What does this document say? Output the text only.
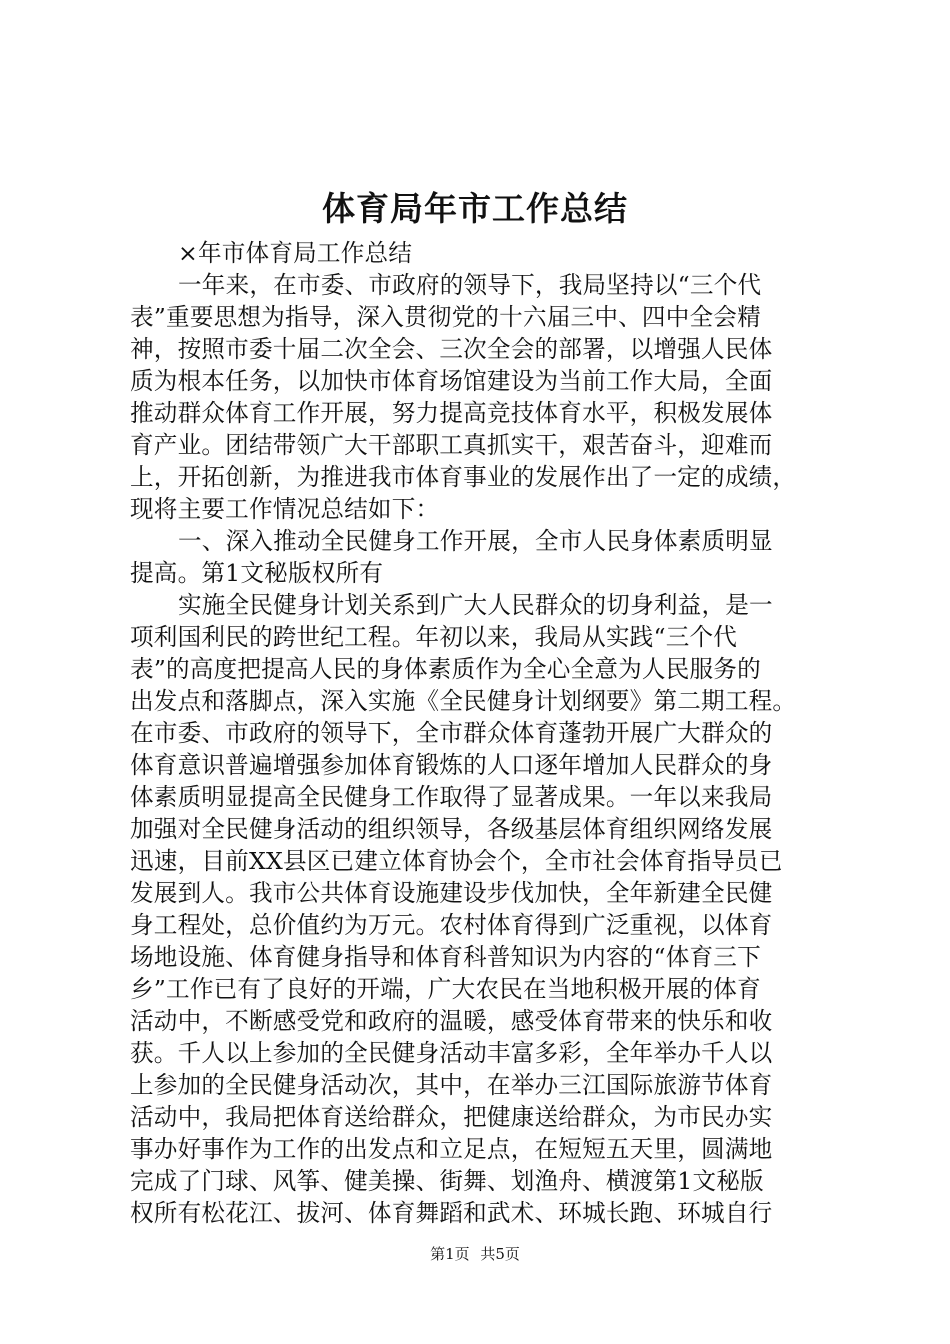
体育局年市工作总结
×年市体育局工作总结
一年来，在市委、市政府的领导下，我局坚持以“三个代
表”重要思想为指导，深入贯彻党的十六届三中、四中全会精
神，按照市委十届二次全会、三次全会的部署，以增强人民体
质为根本任务，以加快市体育场馆建设为当前工作大局，全面
推动群众体育工作开展，努力提高竞技体育水平，积极发展体
育产业。团结带领广大干部职工真抓实干，艰苦奋斗，迎难而
上，开拓创新，为推进我市体育事业的发展作出了一定的成绩，
现将主要工作情况总结如下：
一、深入推动全民健身工作开展，全市人民身体素质明显
提高。第1文秘版权所有
实施全民健身计划关系到广大人民群众的切身利益，是一
项利国利民的跨世纪工程。年初以来，我局从实践“三个代
表”的高度把提高人民的身体素质作为全心全意为人民服务的
出发点和落脚点，深入实施《全民健身计划纲要》第二期工程。
在市委、市政府的领导下，全市群众体育蓬勃开展广大群众的
体育意识普遍增强参加体育锻炼的人口逐年增加人民群众的身
体素质明显提高全民健身工作取得了显著成果。一年以来我局
加强对全民健身活动的组织领导，各级基层体育组织网络发展
迅速，目前XX县区已建立体育协会个，全市社会体育指导员已
发展到人。我市公共体育设施建设步伐加快，全年新建全民健
身工程处，总价值约为万元。农村体育得到广泛重视，以体育
场地设施、体育健身指导和体育科普知识为内容的“体育三下
乡”工作已有了良好的开端，广大农民在当地积极开展的体育
活动中，不断感受党和政府的温暖，感受体育带来的快乐和收
获。千人以上参加的全民健身活动丰富多彩，全年举办千人以
上参加的全民健身活动次，其中，在举办三江国际旅游节体育
活动中，我局把体育送给群众，把健康送给群众，为市民办实
事办好事作为工作的出发点和立足点，在短短五天里，圆满地
完成了门球、风筝、健美操、街舞、划渔舟、横渡第1文秘版
权所有松花江、拔河、体育舞蹈和武术、环城长跑、环城自行
第1页 共5页
